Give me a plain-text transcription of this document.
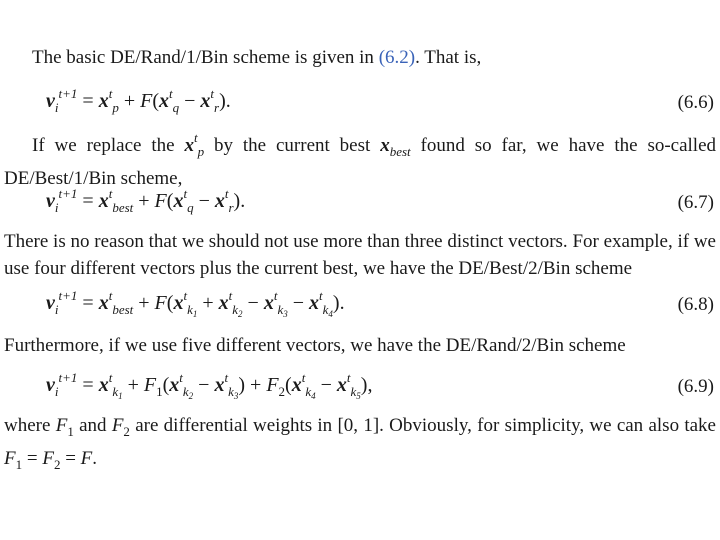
The basic DE/Rand/1/Bin scheme is given in (6.2). That is,
$v_i^{t+1} = x^t_p + F(x^t_q - x^t_r)$.	(6.6)
If we replace the $x^t_p$ by the current best $x_{best}$ found so far, we have the so-called DE/Best/1/Bin scheme,
$v_i^{t+1} = x^t_{best} + F(x^t_q - x^t_r)$.	(6.7)
There is no reason that we should not use more than three distinct vectors. For example, if we use four different vectors plus the current best, we have the DE/Best/2/Bin scheme
$v_i^{t+1} = x^t_{best} + F(x^t_{k_1} + x^t_{k_2} - x^t_{k_3} - x^t_{k_4})$.	(6.8)
Furthermore, if we use five different vectors, we have the DE/Rand/2/Bin scheme
$v_i^{t+1} = x^t_{k_1} + F_1(x^t_{k_2} - x^t_{k_3}) + F_2(x^t_{k_4} - x^t_{k_5})$,	(6.9)
where $F_1$ and $F_2$ are differential weights in [0, 1]. Obviously, for simplicity, we can also take $F_1 = F_2 = F$.
